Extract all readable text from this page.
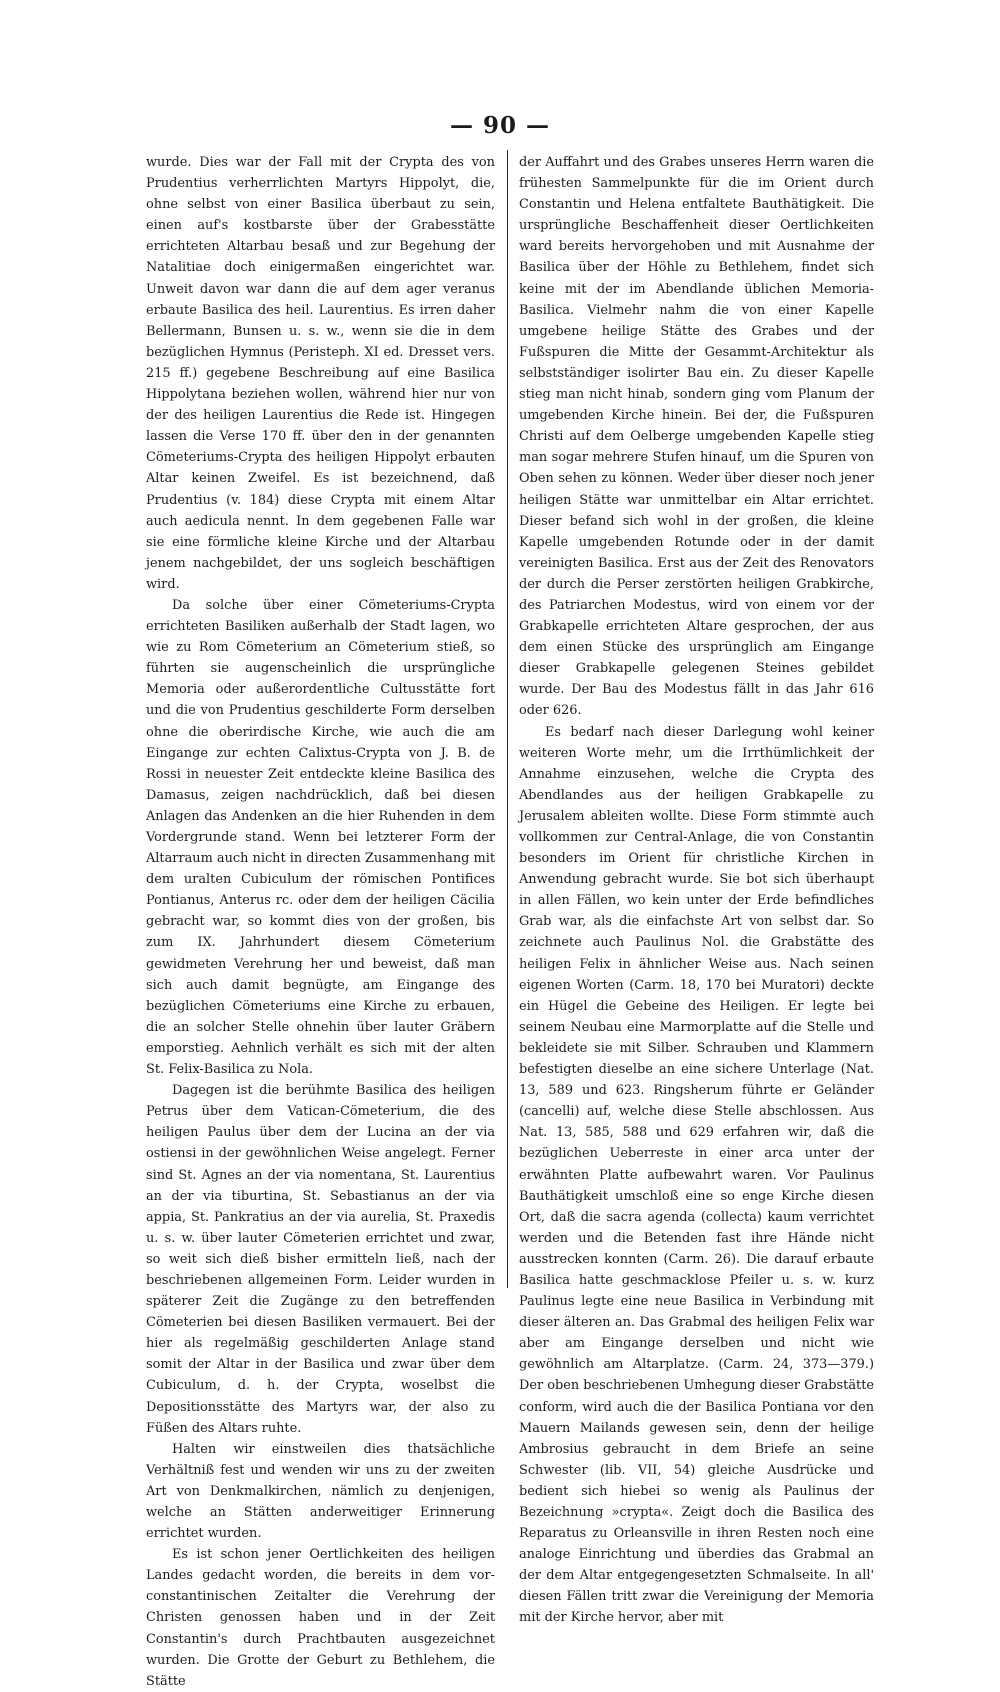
— 90 —

wurde. Dies war der Fall mit der Crypta des von Prudentius verherrlichten Martyrs Hippolyt, die, ohne selbst von einer Basilica überbaut zu sein, einen auf's kostbarste über der Grabesstätte errichteten Altarbau besaß und zur Begehung der Natalitiae doch einigermaßen eingerichtet war. Unweit davon war dann die auf dem ager veranus erbaute Basilica des heil. Laurentius. Es irren daher Bellermann, Bunsen u. s. w., wenn sie die in dem bezüglichen Hymnus (Peristeph. XI ed. Dresset vers. 215 ff.) gegebene Beschreibung auf eine Basilica Hippolytana beziehen wollen, während hier nur von der des heiligen Laurentius die Rede ist. Hingegen lassen die Verse 170 ff. über den in der genannten Cömeteriums-Crypta des heiligen Hippolyt erbauten Altar keinen Zweifel. Es ist bezeichnend, daß Prudentius (v. 184) diese Crypta mit einem Altar auch aedicula nennt. In dem gegebenen Falle war sie eine förmliche kleine Kirche und der Altarbau jenem nachgebildet, der uns sogleich beschäftigen wird.

Da solche über einer Cömeteriums-Crypta errichteten Basiliken außerhalb der Stadt lagen, wo wie zu Rom Cömeterium an Cömeterium stieß, so führten sie augenscheinlich die ursprüngliche Memoria oder außerordentliche Cultusstätte fort und die von Prudentius geschilderte Form derselben ohne die oberirdische Kirche, wie auch die am Eingange zur echten Calixtus-Crypta von J. B. de Rossi in neuester Zeit entdeckte kleine Basilica des Damasus, zeigen nachdrücklich, daß bei diesen Anlagen das Andenken an die hier Ruhenden in dem Vordergrunde stand. Wenn bei letzterer Form der Altarraum auch nicht in directen Zusammenhang mit dem uralten Cubiculum der römischen Pontifices Pontianus, Anterus rc. oder dem der heiligen Cäcilia gebracht war, so kommt dies von der großen, bis zum IX. Jahrhundert diesem Cömeterium gewidmeten Verehrung her und beweist, daß man sich auch damit begnügte, am Eingange des bezüglichen Cömeteriums eine Kirche zu erbauen, die an solcher Stelle ohnehin über lauter Gräbern emporstieg. Aehnlich verhält es sich mit der alten St. Felix-Basilica zu Nola.

Dagegen ist die berühmte Basilica des heiligen Petrus über dem Vatican-Cömeterium, die des heiligen Paulus über dem der Lucina an der via ostiensi in der gewöhnlichen Weise angelegt. Ferner sind St. Agnes an der via nomentana, St. Laurentius an der via tiburtina, St. Sebastianus an der via appia, St. Pankratius an der via aurelia, St. Praxedis u. s. w. über lauter Cömeterien errichtet und zwar, so weit sich dieß bisher ermitteln ließ, nach der beschriebenen allgemeinen Form. Leider wurden in späterer Zeit die Zugänge zu den betreffenden Cömeterien bei diesen Basiliken vermauert. Bei der hier als regelmäßig geschilderten Anlage stand somit der Altar in der Basilica und zwar über dem Cubiculum, d. h. der Crypta, woselbst die Depositionsstätte des Martyrs war, der also zu Füßen des Altars ruhte.

Halten wir einstweilen dies thatsächliche Verhältniß fest und wenden wir uns zu der zweiten Art von Denkmalkirchen, nämlich zu denjenigen, welche an Stätten anderweitiger Erinnerung errichtet wurden.

Es ist schon jener Oertlichkeiten des heiligen Landes gedacht worden, die bereits in dem vor-constantinischen Zeitalter die Verehrung der Christen genossen haben und in der Zeit Constantin's durch Prachtbauten ausgezeichnet wurden. Die Grotte der Geburt zu Bethlehem, die Stätte

der Auffahrt und des Grabes unseres Herrn waren die frühesten Sammelpunkte für die im Orient durch Constantin und Helena entfaltete Bauthätigkeit. Die ursprüngliche Beschaffenheit dieser Oertlichkeiten ward bereits hervorgehoben und mit Ausnahme der Basilica über der Höhle zu Bethlehem, findet sich keine mit der im Abendlande üblichen Memoria-Basilica. Vielmehr nahm die von einer Kapelle umgebene heilige Stätte des Grabes und der Fußspuren die Mitte der Gesammt-Architektur als selbstständiger isolirter Bau ein. Zu dieser Kapelle stieg man nicht hinab, sondern ging vom Planum der umgebenden Kirche hinein. Bei der, die Fußspuren Christi auf dem Oelberge umgebenden Kapelle stieg man sogar mehrere Stufen hinauf, um die Spuren von Oben sehen zu können. Weder über dieser noch jener heiligen Stätte war unmittelbar ein Altar errichtet. Dieser befand sich wohl in der großen, die kleine Kapelle umgebenden Rotunde oder in der damit vereinigten Basilica. Erst aus der Zeit des Renovators der durch die Perser zerstörten heiligen Grabkirche, des Patriarchen Modestus, wird von einem vor der Grabkapelle errichteten Altare gesprochen, der aus dem einen Stücke des ursprünglich am Eingange dieser Grabkapelle gelegenen Steines gebildet wurde. Der Bau des Modestus fällt in das Jahr 616 oder 626.

Es bedarf nach dieser Darlegung wohl keiner weiteren Worte mehr, um die Irrthümlichkeit der Annahme einzusehen, welche die Crypta des Abendlandes aus der heiligen Grabkapelle zu Jerusalem ableiten wollte. Diese Form stimmte auch vollkommen zur Central-Anlage, die von Constantin besonders im Orient für christliche Kirchen in Anwendung gebracht wurde. Sie bot sich überhaupt in allen Fällen, wo kein unter der Erde befindliches Grab war, als die einfachste Art von selbst dar. So zeichnete auch Paulinus Nol. die Grabstätte des heiligen Felix in ähnlicher Weise aus. Nach seinen eigenen Worten (Carm. 18, 170 bei Muratori) deckte ein Hügel die Gebeine des Heiligen. Er legte bei seinem Neubau eine Marmorplatte auf die Stelle und bekleidete sie mit Silber. Schrauben und Klammern befestigten dieselbe an eine sichere Unterlage (Nat. 13, 589 und 623. Ringsherum führte er Geländer (cancelli) auf, welche diese Stelle abschlossen. Aus Nat. 13, 585, 588 und 629 erfahren wir, daß die bezüglichen Ueberreste in einer arca unter der erwähnten Platte aufbewahrt waren. Vor Paulinus Bauthätigkeit umschloß eine so enge Kirche diesen Ort, daß die sacra agenda (collecta) kaum verrichtet werden und die Betenden fast ihre Hände nicht ausstrecken konnten (Carm. 26). Die darauf erbaute Basilica hatte geschmacklose Pfeiler u. s. w. kurz Paulinus legte eine neue Basilica in Verbindung mit dieser älteren an. Das Grabmal des heiligen Felix war aber am Eingange derselben und nicht wie gewöhnlich am Altarplatze. (Carm. 24, 373—379.) Der oben beschriebenen Umhegung dieser Grabstätte conform, wird auch die der Basilica Pontiana vor den Mauern Mailands gewesen sein, denn der heilige Ambrosius gebraucht in dem Briefe an seine Schwester (lib. VII, 54) gleiche Ausdrücke und bedient sich hiebei so wenig als Paulinus der Bezeichnung »crypta«. Zeigt doch die Basilica des Reparatus zu Orleansville in ihren Resten noch eine analoge Einrichtung und überdies das Grabmal an der dem Altar entgegengesetzten Schmalseite. In all' diesen Fällen tritt zwar die Vereinigung der Memoria mit der Kirche hervor, aber mit
